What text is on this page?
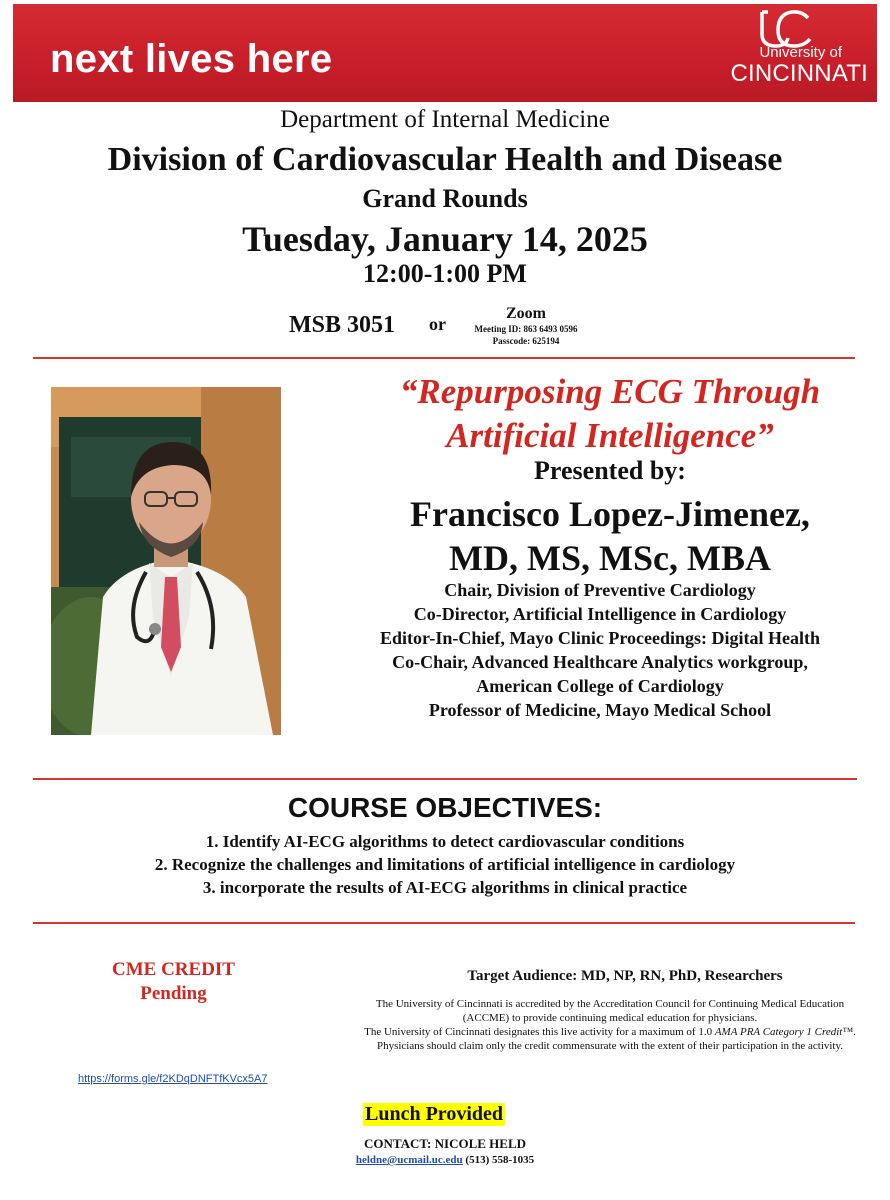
next lives here	University of
CINCINNATI
Department of Internal Medicine
Division of Cardiovascular Health and Disease
Grand Rounds
Tuesday, January 14, 2025
12:00-1:00 PM
MSB 3051 or
Zoom
Meeting ID: 863 6493 0596
Passcode: 625194
“Repurposing ECG Through
Artificial Intelligence”
Presented by:
Francisco Lopez-Jimenez,
MD, MS, MSc, MBA
Chair, Division of Preventive Cardiology
Co-Director, Artificial Intelligence in Cardiology
Editor-In-Chief, Mayo Clinic Proceedings: Digital Health
Co-Chair, Advanced Healthcare Analytics workgroup,
American College of Cardiology
Professor of Medicine, Mayo Medical School
COURSE OBJECTIVES:
1. Identify AI-ECG algorithms to detect cardiovascular conditions
2. Recognize the challenges and limitations of artificial intelligence in cardiology
3. incorporate the results of AI-ECG algorithms in clinical practice
CME CREDIT
Pending
Target Audience: MD, NP, RN, PhD, Researchers
The University of Cincinnati is accredited by the Accreditation Council for Continuing Medical Education (ACCME) to provide continuing medical education for physicians.
The University of Cincinnati designates this live activity for a maximum of 1.0 AMA PRA Category 1 Credit™. Physicians should claim only the credit commensurate with the extent of their participation in the activity.
https://forms.gle/f2KDqDNFTfKVcx5A7
Lunch Provided
CONTACT: NICOLE HELD
heldne@ucmail.uc.edu (513) 558-1035
